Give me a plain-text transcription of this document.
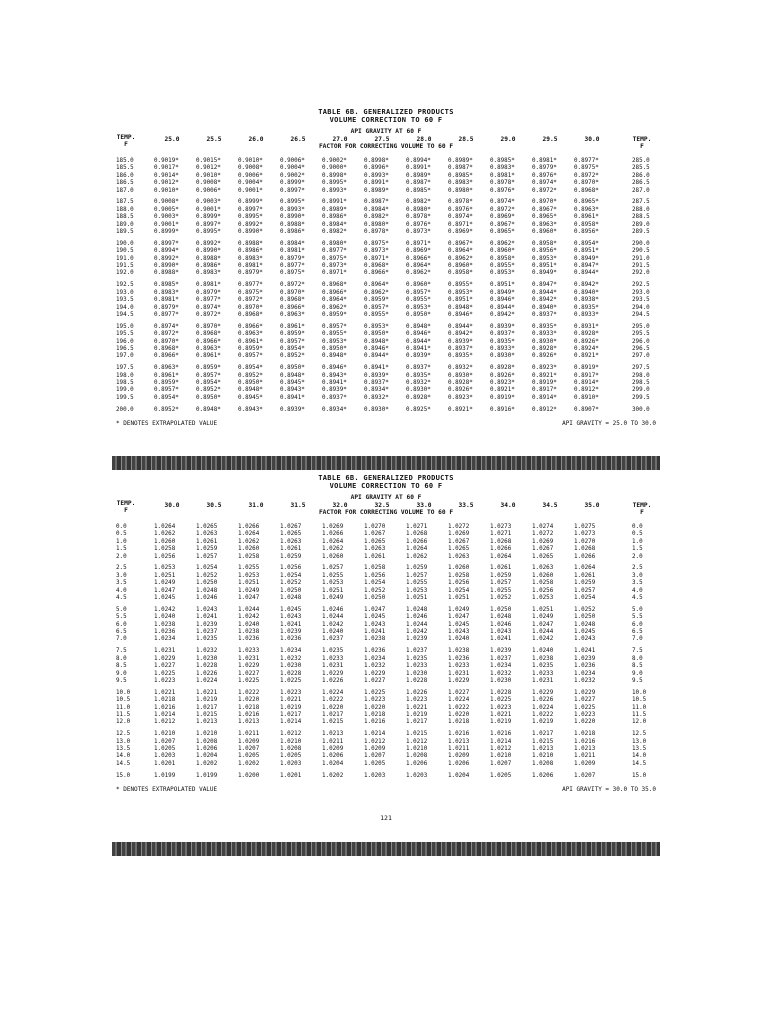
TABLE 6B. GENERALIZED PRODUCTS
VOLUME CORRECTION TO 60 F
API GRAVITY AT 60 F
FACTOR FOR CORRECTING VOLUME TO 60 F
TEMP.
F
TEMP.
F
25.0	25.5	26.0	26.5	27.0	27.5	28.0	28.5	29.0	29.5	30.0
185.0	0.9019*	0.9015*	0.9010*	0.9006*	0.9002*	0.8998*	0.8994*	0.8989*	0.8985*	0.8981*	0.8977*	285.0
185.5	0.9017*	0.9012*	0.9008*	0.9004*	0.9000*	0.8996*	0.8991*	0.8987*	0.8983*	0.8979*	0.8975*	285.5
186.0	0.9014*	0.9010*	0.9006*	0.9002*	0.8998*	0.8993*	0.8989*	0.8985*	0.8981*	0.8976*	0.8972*	286.0
186.5	0.9012*	0.9008*	0.9004*	0.8999*	0.8995*	0.8991*	0.8987*	0.8983*	0.8978*	0.8974*	0.8970*	286.5
187.0	0.9010*	0.9006*	0.9001*	0.8997*	0.8993*	0.8989*	0.8985*	0.8980*	0.8976*	0.8972*	0.8968*	287.0
187.5	0.9008*	0.9003*	0.8999*	0.8995*	0.8991*	0.8987*	0.8982*	0.8978*	0.8974*	0.8970*	0.8965*	287.5
188.0	0.9005*	0.9001*	0.8997*	0.8993*	0.8989*	0.8984*	0.8980*	0.8976*	0.8972*	0.8967*	0.8963*	288.0
188.5	0.9003*	0.8999*	0.8995*	0.8990*	0.8986*	0.8982*	0.8978*	0.8974*	0.8969*	0.8965*	0.8961*	288.5
189.0	0.9001*	0.8997*	0.8992*	0.8988*	0.8984*	0.8980*	0.8976*	0.8971*	0.8967*	0.8963*	0.8958*	289.0
189.5	0.8999*	0.8995*	0.8990*	0.8986*	0.8982*	0.8978*	0.8973*	0.8969*	0.8965*	0.8960*	0.8956*	289.5
190.0	0.8997*	0.8992*	0.8988*	0.8984*	0.8980*	0.8975*	0.8971*	0.8967*	0.8962*	0.8958*	0.8954*	290.0
190.5	0.8994*	0.8990*	0.8986*	0.8981*	0.8977*	0.8973*	0.8969*	0.8964*	0.8960*	0.8956*	0.8951*	290.5
191.0	0.8992*	0.8988*	0.8983*	0.8979*	0.8975*	0.8971*	0.8966*	0.8962*	0.8958*	0.8953*	0.8949*	291.0
191.5	0.8990*	0.8986*	0.8981*	0.8977*	0.8973*	0.8968*	0.8964*	0.8960*	0.8955*	0.8951*	0.8947*	291.5
192.0	0.8988*	0.8983*	0.8979*	0.8975*	0.8971*	0.8966*	0.8962*	0.8958*	0.8953*	0.8949*	0.8944*	292.0
192.5	0.8985*	0.8981*	0.8977*	0.8972*	0.8968*	0.8964*	0.8960*	0.8955*	0.8951*	0.8947*	0.8942*	292.5
193.0	0.8983*	0.8979*	0.8975*	0.8970*	0.8966*	0.8962*	0.8957*	0.8953*	0.8949*	0.8944*	0.8940*	293.0
193.5	0.8981*	0.8977*	0.8972*	0.8968*	0.8964*	0.8959*	0.8955*	0.8951*	0.8946*	0.8942*	0.8938*	293.5
194.0	0.8979*	0.8974*	0.8970*	0.8966*	0.8962*	0.8957*	0.8953*	0.8948*	0.8944*	0.8940*	0.8935*	294.0
194.5	0.8977*	0.8972*	0.8968*	0.8963*	0.8959*	0.8955*	0.8950*	0.8946*	0.8942*	0.8937*	0.8933*	294.5
195.0	0.8974*	0.8970*	0.8966*	0.8961*	0.8957*	0.8953*	0.8948*	0.8944*	0.8939*	0.8935*	0.8931*	295.0
195.5	0.8972*	0.8968*	0.8963*	0.8959*	0.8955*	0.8950*	0.8946*	0.8942*	0.8937*	0.8933*	0.8928*	295.5
196.0	0.8970*	0.8966*	0.8961*	0.8957*	0.8953*	0.8948*	0.8944*	0.8939*	0.8935*	0.8930*	0.8926*	296.0
196.5	0.8968*	0.8963*	0.8959*	0.8954*	0.8950*	0.8946*	0.8941*	0.8937*	0.8933*	0.8928*	0.8924*	296.5
197.0	0.8966*	0.8961*	0.8957*	0.8952*	0.8948*	0.8944*	0.8939*	0.8935*	0.8930*	0.8926*	0.8921*	297.0
197.5	0.8963*	0.8959*	0.8954*	0.8950*	0.8946*	0.8941*	0.8937*	0.8932*	0.8928*	0.8923*	0.8919*	297.5
198.0	0.8961*	0.8957*	0.8952*	0.8948*	0.8943*	0.8939*	0.8935*	0.8930*	0.8926*	0.8921*	0.8917*	298.0
198.5	0.8959*	0.8954*	0.8950*	0.8945*	0.8941*	0.8937*	0.8932*	0.8928*	0.8923*	0.8919*	0.8914*	298.5
199.0	0.8957*	0.8952*	0.8948*	0.8943*	0.8939*	0.8934*	0.8930*	0.8926*	0.8921*	0.8917*	0.8912*	299.0
199.5	0.8954*	0.8950*	0.8945*	0.8941*	0.8937*	0.8932*	0.8928*	0.8923*	0.8919*	0.8914*	0.8910*	299.5
200.0	0.8952*	0.8948*	0.8943*	0.8939*	0.8934*	0.8930*	0.8925*	0.8921*	0.8916*	0.8912*	0.8907*	300.0
* DENOTES EXTRAPOLATED VALUE	API GRAVITY = 25.0 TO 30.0
TABLE 6B. GENERALIZED PRODUCTS
VOLUME CORRECTION TO 60 F
API GRAVITY AT 60 F
FACTOR FOR CORRECTING VOLUME TO 60 F
TEMP.
F
TEMP.
F
30.0	30.5	31.0	31.5	32.0	32.5	33.0	33.5	34.0	34.5	35.0
0.0	1.0264	1.0265	1.0266	1.0267	1.0269	1.0270	1.0271	1.0272	1.0273	1.0274	1.0275	0.0
0.5	1.0262	1.0263	1.0264	1.0265	1.0266	1.0267	1.0268	1.0269	1.0271	1.0272	1.0273	0.5
1.0	1.0260	1.0261	1.0262	1.0263	1.0264	1.0265	1.0266	1.0267	1.0268	1.0269	1.0270	1.0
1.5	1.0258	1.0259	1.0260	1.0261	1.0262	1.0263	1.0264	1.0265	1.0266	1.0267	1.0268	1.5
2.0	1.0256	1.0257	1.0258	1.0259	1.0260	1.0261	1.0262	1.0263	1.0264	1.0265	1.0266	2.0
2.5	1.0253	1.0254	1.0255	1.0256	1.0257	1.0258	1.0259	1.0260	1.0261	1.0263	1.0264	2.5
3.0	1.0251	1.0252	1.0253	1.0254	1.0255	1.0256	1.0257	1.0258	1.0259	1.0260	1.0261	3.0
3.5	1.0249	1.0250	1.0251	1.0252	1.0253	1.0254	1.0255	1.0256	1.0257	1.0258	1.0259	3.5
4.0	1.0247	1.0248	1.0249	1.0250	1.0251	1.0252	1.0253	1.0254	1.0255	1.0256	1.0257	4.0
4.5	1.0245	1.0246	1.0247	1.0248	1.0249	1.0250	1.0251	1.0251	1.0252	1.0253	1.0254	4.5
5.0	1.0242	1.0243	1.0244	1.0245	1.0246	1.0247	1.0248	1.0249	1.0250	1.0251	1.0252	5.0
5.5	1.0240	1.0241	1.0242	1.0243	1.0244	1.0245	1.0246	1.0247	1.0248	1.0249	1.0250	5.5
6.0	1.0238	1.0239	1.0240	1.0241	1.0242	1.0243	1.0244	1.0245	1.0246	1.0247	1.0248	6.0
6.5	1.0236	1.0237	1.0238	1.0239	1.0240	1.0241	1.0242	1.0243	1.0243	1.0244	1.0245	6.5
7.0	1.0234	1.0235	1.0236	1.0236	1.0237	1.0238	1.0239	1.0240	1.0241	1.0242	1.0243	7.0
7.5	1.0231	1.0232	1.0233	1.0234	1.0235	1.0236	1.0237	1.0238	1.0239	1.0240	1.0241	7.5
8.0	1.0229	1.0230	1.0231	1.0232	1.0233	1.0234	1.0235	1.0236	1.0237	1.0238	1.0239	8.0
8.5	1.0227	1.0228	1.0229	1.0230	1.0231	1.0232	1.0233	1.0233	1.0234	1.0235	1.0236	8.5
9.0	1.0225	1.0226	1.0227	1.0228	1.0229	1.0229	1.0230	1.0231	1.0232	1.0233	1.0234	9.0
9.5	1.0223	1.0224	1.0225	1.0225	1.0226	1.0227	1.0228	1.0229	1.0230	1.0231	1.0232	9.5
10.0	1.0221	1.0221	1.0222	1.0223	1.0224	1.0225	1.0226	1.0227	1.0228	1.0229	1.0229	10.0
10.5	1.0218	1.0219	1.0220	1.0221	1.0222	1.0223	1.0223	1.0224	1.0225	1.0226	1.0227	10.5
11.0	1.0216	1.0217	1.0218	1.0219	1.0220	1.0220	1.0221	1.0222	1.0223	1.0224	1.0225	11.0
11.5	1.0214	1.0215	1.0216	1.0217	1.0217	1.0218	1.0219	1.0220	1.0221	1.0222	1.0223	11.5
12.0	1.0212	1.0213	1.0213	1.0214	1.0215	1.0216	1.0217	1.0218	1.0219	1.0219	1.0220	12.0
12.5	1.0210	1.0210	1.0211	1.0212	1.0213	1.0214	1.0215	1.0216	1.0216	1.0217	1.0218	12.5
13.0	1.0207	1.0208	1.0209	1.0210	1.0211	1.0212	1.0212	1.0213	1.0214	1.0215	1.0216	13.0
13.5	1.0205	1.0206	1.0207	1.0208	1.0209	1.0209	1.0210	1.0211	1.0212	1.0213	1.0213	13.5
14.0	1.0203	1.0204	1.0205	1.0205	1.0206	1.0207	1.0208	1.0209	1.0210	1.0210	1.0211	14.0
14.5	1.0201	1.0202	1.0202	1.0203	1.0204	1.0205	1.0206	1.0206	1.0207	1.0208	1.0209	14.5
15.0	1.0199	1.0199	1.0200	1.0201	1.0202	1.0203	1.0203	1.0204	1.0205	1.0206	1.0207	15.0
* DENOTES EXTRAPOLATED VALUE	API GRAVITY = 30.0 TO 35.0
121
